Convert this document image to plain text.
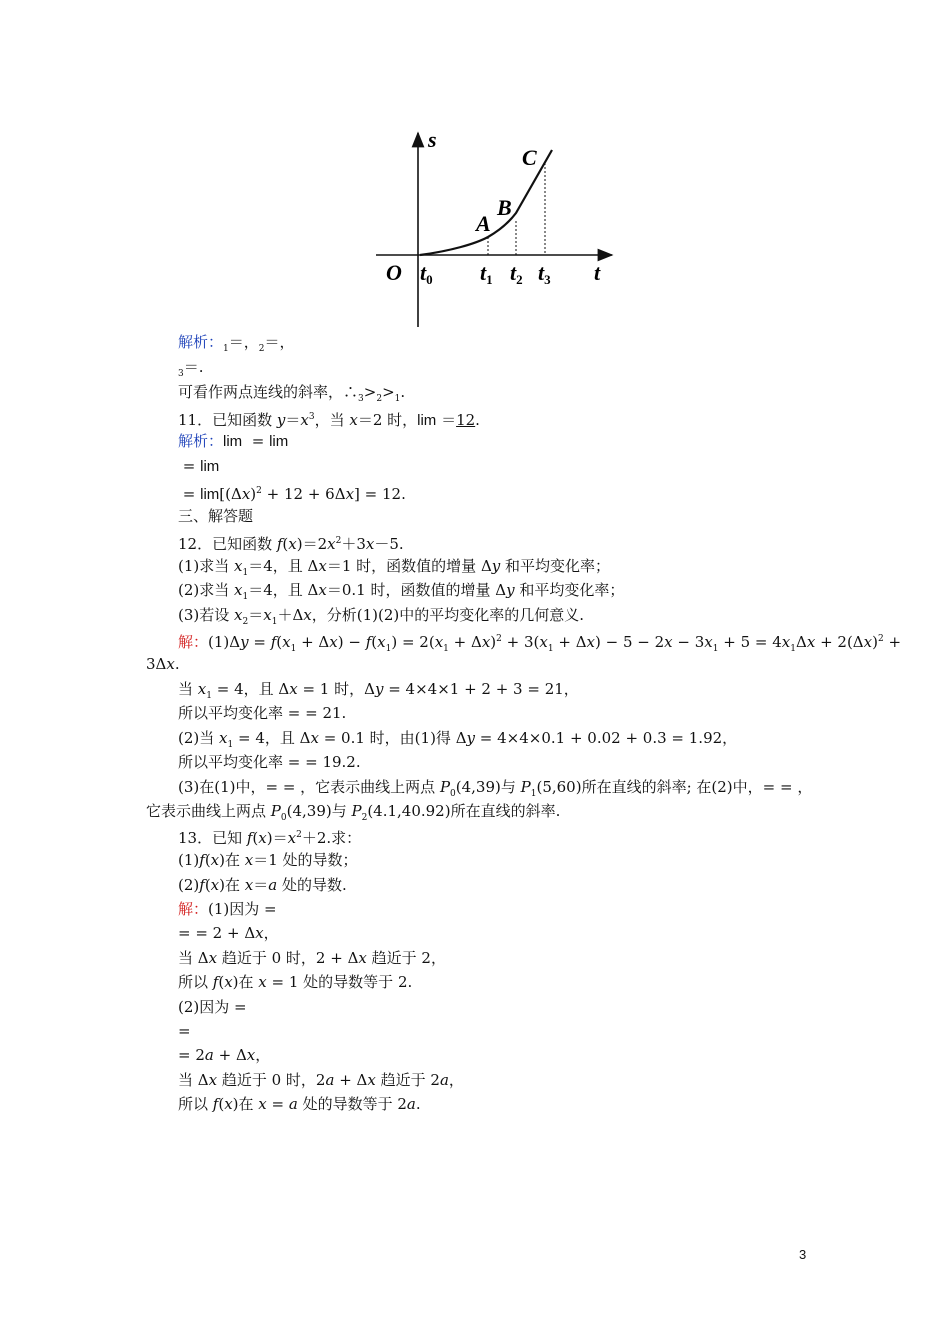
s
C
B
A
O t0 t1 t2 t3 t
解析：$_1$＝，$_2$＝，
$_3$＝.
可看作两点连线的斜率，$\therefore_3>_2>_1$.
11．已知函数 $y=x^3$，当 x＝2 时，lim ＝12.
解析：lim  = lim
= lim
= $\lim[(\Delta x)^2 + 12 + 6\Delta x] = 12$.
三、解答题
12．已知函数 $f(x)=2x^2+3x-5$.
(1)求当 $x_1=4$，且 Δx＝1 时，函数值的增量 Δy 和平均变化率；
(2)求当 $x_1=4$，且 Δx＝0.1 时，函数值的增量 Δy 和平均变化率；
(3)若设 $x_2=x_1+\Delta x$，分析(1)(2)中的平均变化率的几何意义.
解：$(1)\Delta y = f(x_1 + \Delta x) - f(x_1) = 2(x_1 + \Delta x)^2 + 3(x_1 + \Delta x) - 5 - 2x - 3x_1 + 5 = 4x_1\Delta x + 2(\Delta x)^2$ +
3Δx.
当 $x_1 = 4$，且 Δx = 1 时，Δy = 4×4×1 + 2 + 3 = 21，
所以平均变化率 = = 21.
(2)当 $x_1 = 4$，且 Δx = 0.1 时，由(1)得 Δy = 4×4×0.1 + 0.02 + 0.3 = 1.92，
所以平均变化率 = = 19.2.
(3)在(1)中，= = ，它表示曲线上两点 $P_0(4,39)$与 $P_1(5,60)$所在直线的斜率; 在(2)中，= = ，
它表示曲线上两点 $P_0(4,39)$与 $P_2(4.1,40.92)$所在直线的斜率.
13．已知 $f(x)=x^2+2$.求：
(1)f(x)在 x＝1 处的导数；
(2)f(x)在 x＝a 处的导数.
解：(1)因为 =
= = 2 + Δx，
当 Δx 趋近于 0 时，2 + Δx 趋近于 2，
所以 f(x)在 x = 1 处的导数等于 2.
(2)因为 =
=
= 2a + Δx，
当 Δx 趋近于 0 时，2a + Δx 趋近于 2a，
所以 f(x)在 x = a 处的导数等于 2a.
3
